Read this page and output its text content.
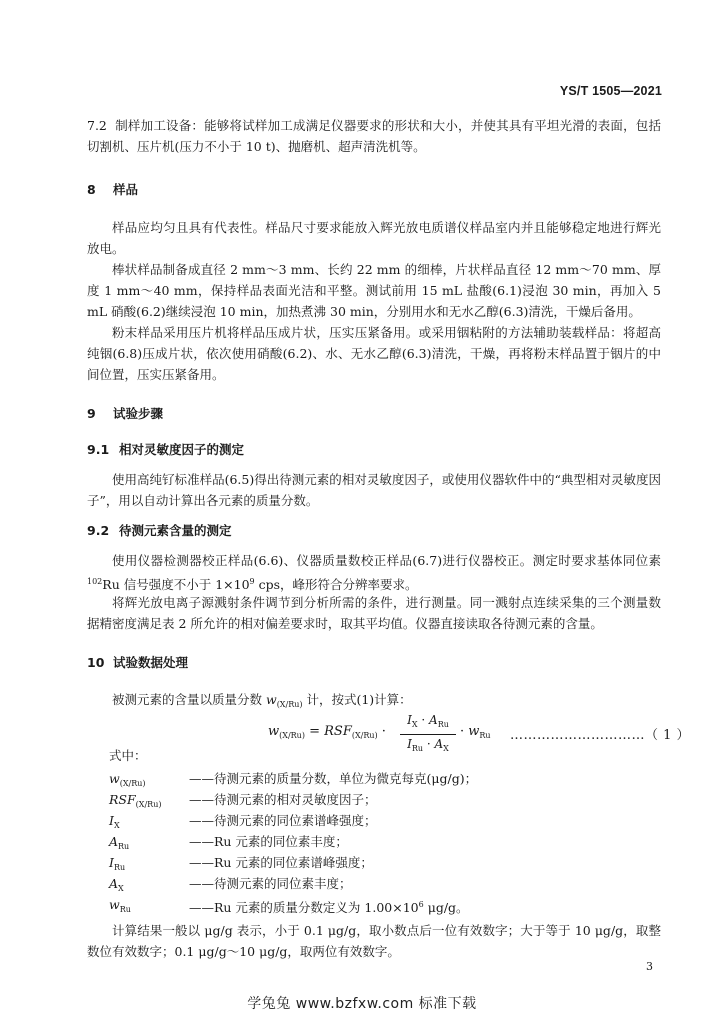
YS/T 1505—2021

7.2 制样加工设备：能够将试样加工成满足仪器要求的形状和大小，并使其具有平坦光滑的表面，包括切割机、压片机(压力不小于 10 t)、抛磨机、超声清洗机等。

8 样品

样品应均匀且具有代表性。样品尺寸要求能放入辉光放电质谱仪样品室内并且能够稳定地进行辉光放电。

棒状样品制备成直径 2 mm～3 mm、长约 22 mm 的细棒，片状样品直径 12 mm～70 mm、厚度 1 mm～40 mm，保持样品表面光洁和平整。测试前用 15 mL 盐酸(6.1)浸泡 30 min，再加入 5 mL 硝酸(6.2)继续浸泡 10 min，加热煮沸 30 min，分别用水和无水乙醇(6.3)清洗，干燥后备用。

粉末样品采用压片机将样品压成片状，压实压紧备用。或采用铟粘附的方法辅助装载样品：将超高纯铟(6.8)压成片状，依次使用硝酸(6.2)、水、无水乙醇(6.3)清洗，干燥，再将粉末样品置于铟片的中间位置，压实压紧备用。

9 试验步骤
9.1 相对灵敏度因子的测定

使用高纯钌标准样品(6.5)得出待测元素的相对灵敏度因子，或使用仪器软件中的“典型相对灵敏度因子”，用以自动计算出各元素的质量分数。

9.2 待测元素含量的测定

使用仪器检测器校正样品(6.6)、仪器质量数校正样品(6.7)进行仪器校正。测定时要求基体同位素$^{102}$Ru 信号强度不小于 $1\times 10^9$ cps，峰形符合分辨率要求。

将辉光放电离子源溅射条件调节到分析所需的条件，进行测量。同一溅射点连续采集的三个测量数据精密度满足表 2 所允许的相对偏差要求时，取其平均值。仪器直接读取各待测元素的含量。

10 试验数据处理

被测元素的含量以质量分数 $w_{(X/Ru)}$ 计，按式(1)计算：

$w_{(X/Ru)} = RSF_{(X/Ru)}$ ·
$I_X \cdot A_{Ru}$
$I_{Ru} \cdot A_X$
· $w_{Ru}$ …………………………（ 1 ）
式中：
$w_{(X/Ru)}$	——待测元素的质量分数，单位为微克每克(μg/g)；
$RSF_{(X/Ru)}$	——待测元素的相对灵敏度因子；
$I_X$	——待测元素的同位素谱峰强度；
$A_{Ru}$	——Ru 元素的同位素丰度；
$I_{Ru}$	——Ru 元素的同位素谱峰强度；
$A_X$	——待测元素的同位素丰度；
$w_{Ru}$	——Ru 元素的质量分数定义为 $1.00\times 10^6$ μg/g。

计算结果一般以 μg/g 表示，小于 0.1 μg/g，取小数点后一位有效数字；大于等于 10 μg/g，取整数位有效数字；0.1 μg/g～10 μg/g，取两位有效数字。

3
学兔兔 www.bzfxw.com 标准下载
